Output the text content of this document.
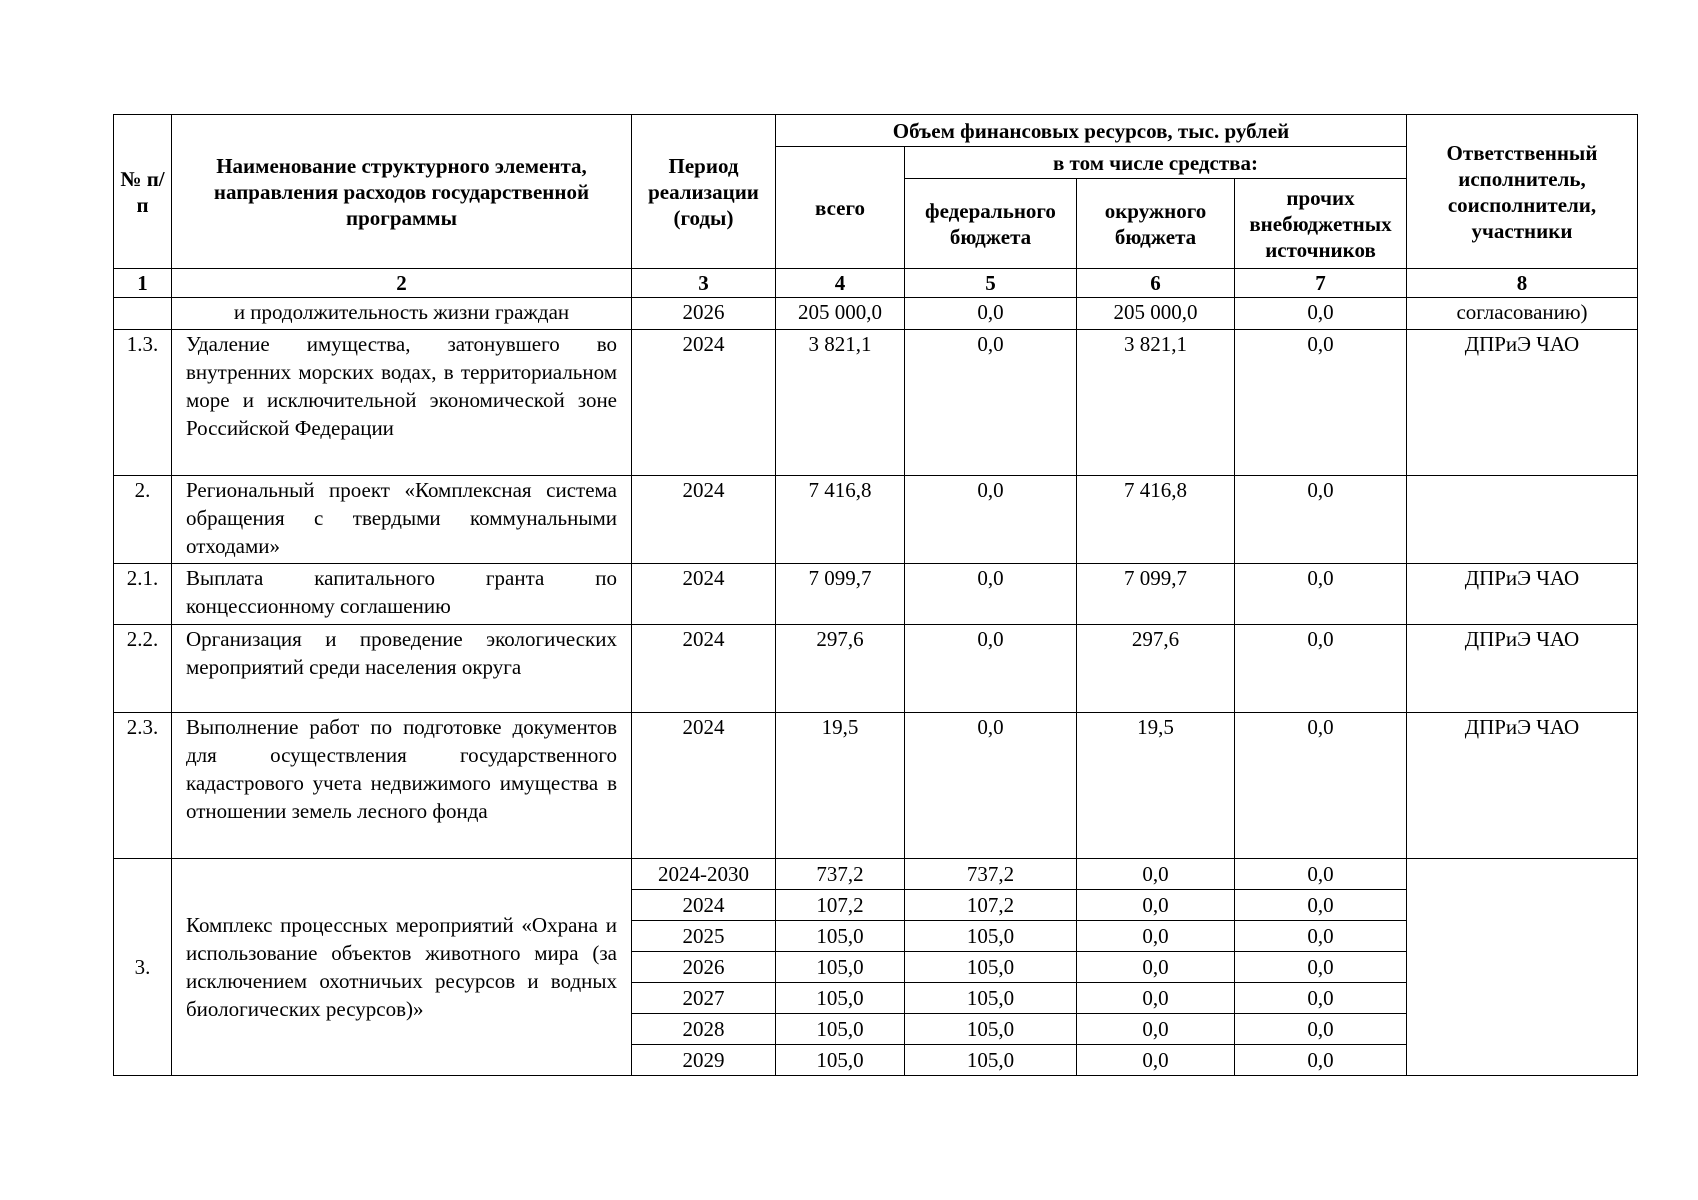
№ п/п	Наименование структурного элемента, направления расходов государственной программы	Период реализации (годы)	Объем финансовых ресурсов, тыс. рублей				Ответственный исполнитель, соисполнители, участники
			всего	в том числе средства:			
				федерального бюджета	окружного бюджета	прочих внебюджетных источников	
1	2	3	4	5	6	7	8
	и продолжительность жизни граждан	2026	205 000,0	0,0	205 000,0	0,0	согласованию)
1.3.	Удаление имущества, затонувшего во внутренних морских водах, в территориальном море и исключительной экономической зоне Российской Федерации	2024	3 821,1	0,0	3 821,1	0,0	ДПРиЭ ЧАО
2.	Региональный проект «Комплексная система обращения с твердыми коммунальными отходами»	2024	7 416,8	0,0	7 416,8	0,0	
2.1.	Выплата капитального гранта по концессионному соглашению	2024	7 099,7	0,0	7 099,7	0,0	ДПРиЭ ЧАО
2.2.	Организация и проведение экологических мероприятий среди населения округа	2024	297,6	0,0	297,6	0,0	ДПРиЭ ЧАО
2.3.	Выполнение работ по подготовке документов для осуществления государственного кадастрового учета недвижимого имущества в отношении земель лесного фонда	2024	19,5	0,0	19,5	0,0	ДПРиЭ ЧАО
3.	Комплекс процессных мероприятий «Охрана и использование объектов животного мира (за исключением охотничьих ресурсов и водных биологических ресурсов)»	2024-2030	737,2	737,2	0,0	0,0	
		2024	107,2	107,2	0,0	0,0	
		2025	105,0	105,0	0,0	0,0	
		2026	105,0	105,0	0,0	0,0	
		2027	105,0	105,0	0,0	0,0	
		2028	105,0	105,0	0,0	0,0	
		2029	105,0	105,0	0,0	0,0	
